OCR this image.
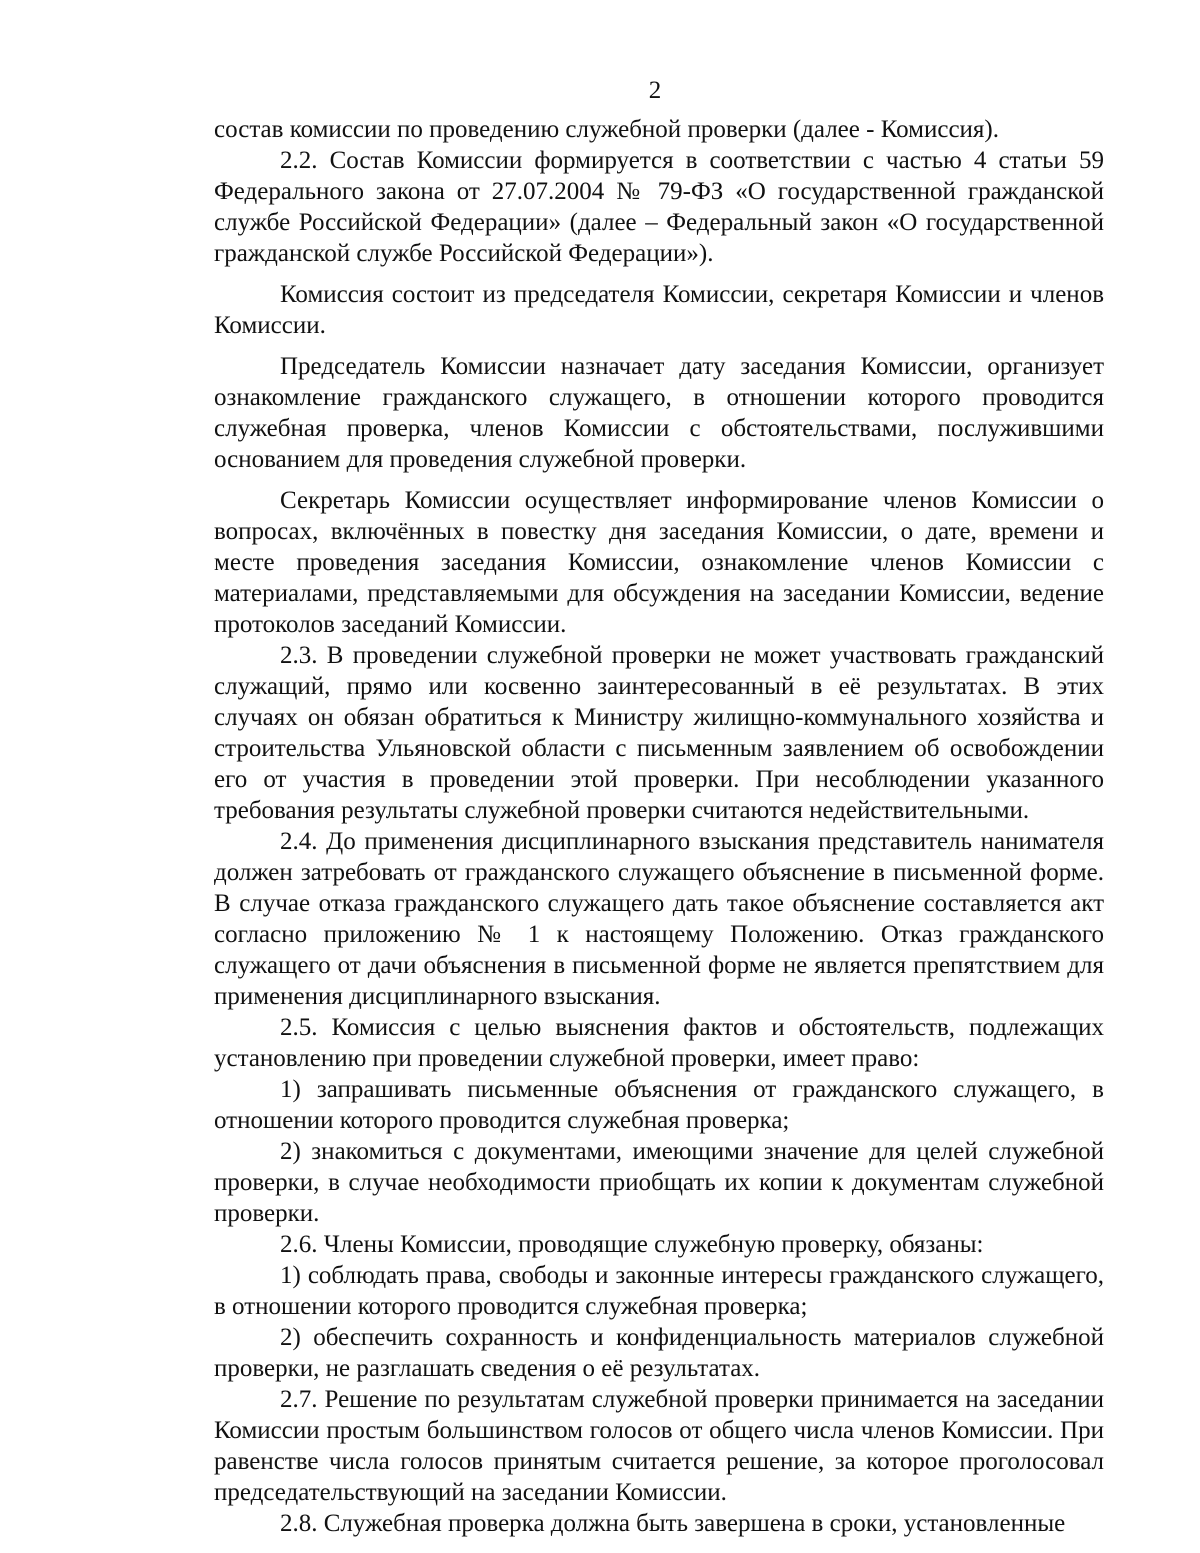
2

состав комиссии по проведению служебной проверки (далее - Комиссия).

2.2. Состав Комиссии формируется в соответствии с частью 4 статьи 59 Федерального закона от 27.07.2004 № 79-ФЗ «О государственной гражданской службе Российской Федерации» (далее – Федеральный закон «О государственной гражданской службе Российской Федерации»).

Комиссия состоит из председателя Комиссии, секретаря Комиссии и членов Комиссии.

Председатель Комиссии назначает дату заседания Комиссии, организует ознакомление гражданского служащего, в отношении которого проводится служебная проверка, членов Комиссии с обстоятельствами, послужившими основанием для проведения служебной проверки.

Секретарь Комиссии осуществляет информирование членов Комиссии о вопросах, включённых в повестку дня заседания Комиссии, о дате, времени и месте проведения заседания Комиссии, ознакомление членов Комиссии с материалами, представляемыми для обсуждения на заседании Комиссии, ведение протоколов заседаний Комиссии.

2.3. В проведении служебной проверки не может участвовать гражданский служащий, прямо или косвенно заинтересованный в её результатах. В этих случаях он обязан обратиться к Министру жилищно-коммунального хозяйства и строительства Ульяновской области с письменным заявлением об освобождении его от участия в проведении этой проверки. При несоблюдении указанного требования результаты служебной проверки считаются недействительными.

2.4. До применения дисциплинарного взыскания представитель нанимателя должен затребовать от гражданского служащего объяснение в письменной форме. В случае отказа гражданского служащего дать такое объяснение составляется акт согласно приложению № 1 к настоящему Положению. Отказ гражданского служащего от дачи объяснения в письменной форме не является препятствием для применения дисциплинарного взыскания.

2.5. Комиссия с целью выяснения фактов и обстоятельств, подлежащих установлению при проведении служебной проверки, имеет право:

1) запрашивать письменные объяснения от гражданского служащего, в отношении которого проводится служебная проверка;

2) знакомиться с документами, имеющими значение для целей служебной проверки, в случае необходимости приобщать их копии к документам служебной проверки.

2.6. Члены Комиссии, проводящие служебную проверку, обязаны:

1) соблюдать права, свободы и законные интересы гражданского служащего, в отношении которого проводится служебная проверка;

2) обеспечить сохранность и конфиденциальность материалов служебной проверки, не разглашать сведения о её результатах.

2.7. Решение по результатам служебной проверки принимается на заседании Комиссии простым большинством голосов от общего числа членов Комиссии. При равенстве числа голосов принятым считается решение, за которое проголосовал председательствующий на заседании Комиссии.

2.8. Служебная проверка должна быть завершена в сроки, установленные
